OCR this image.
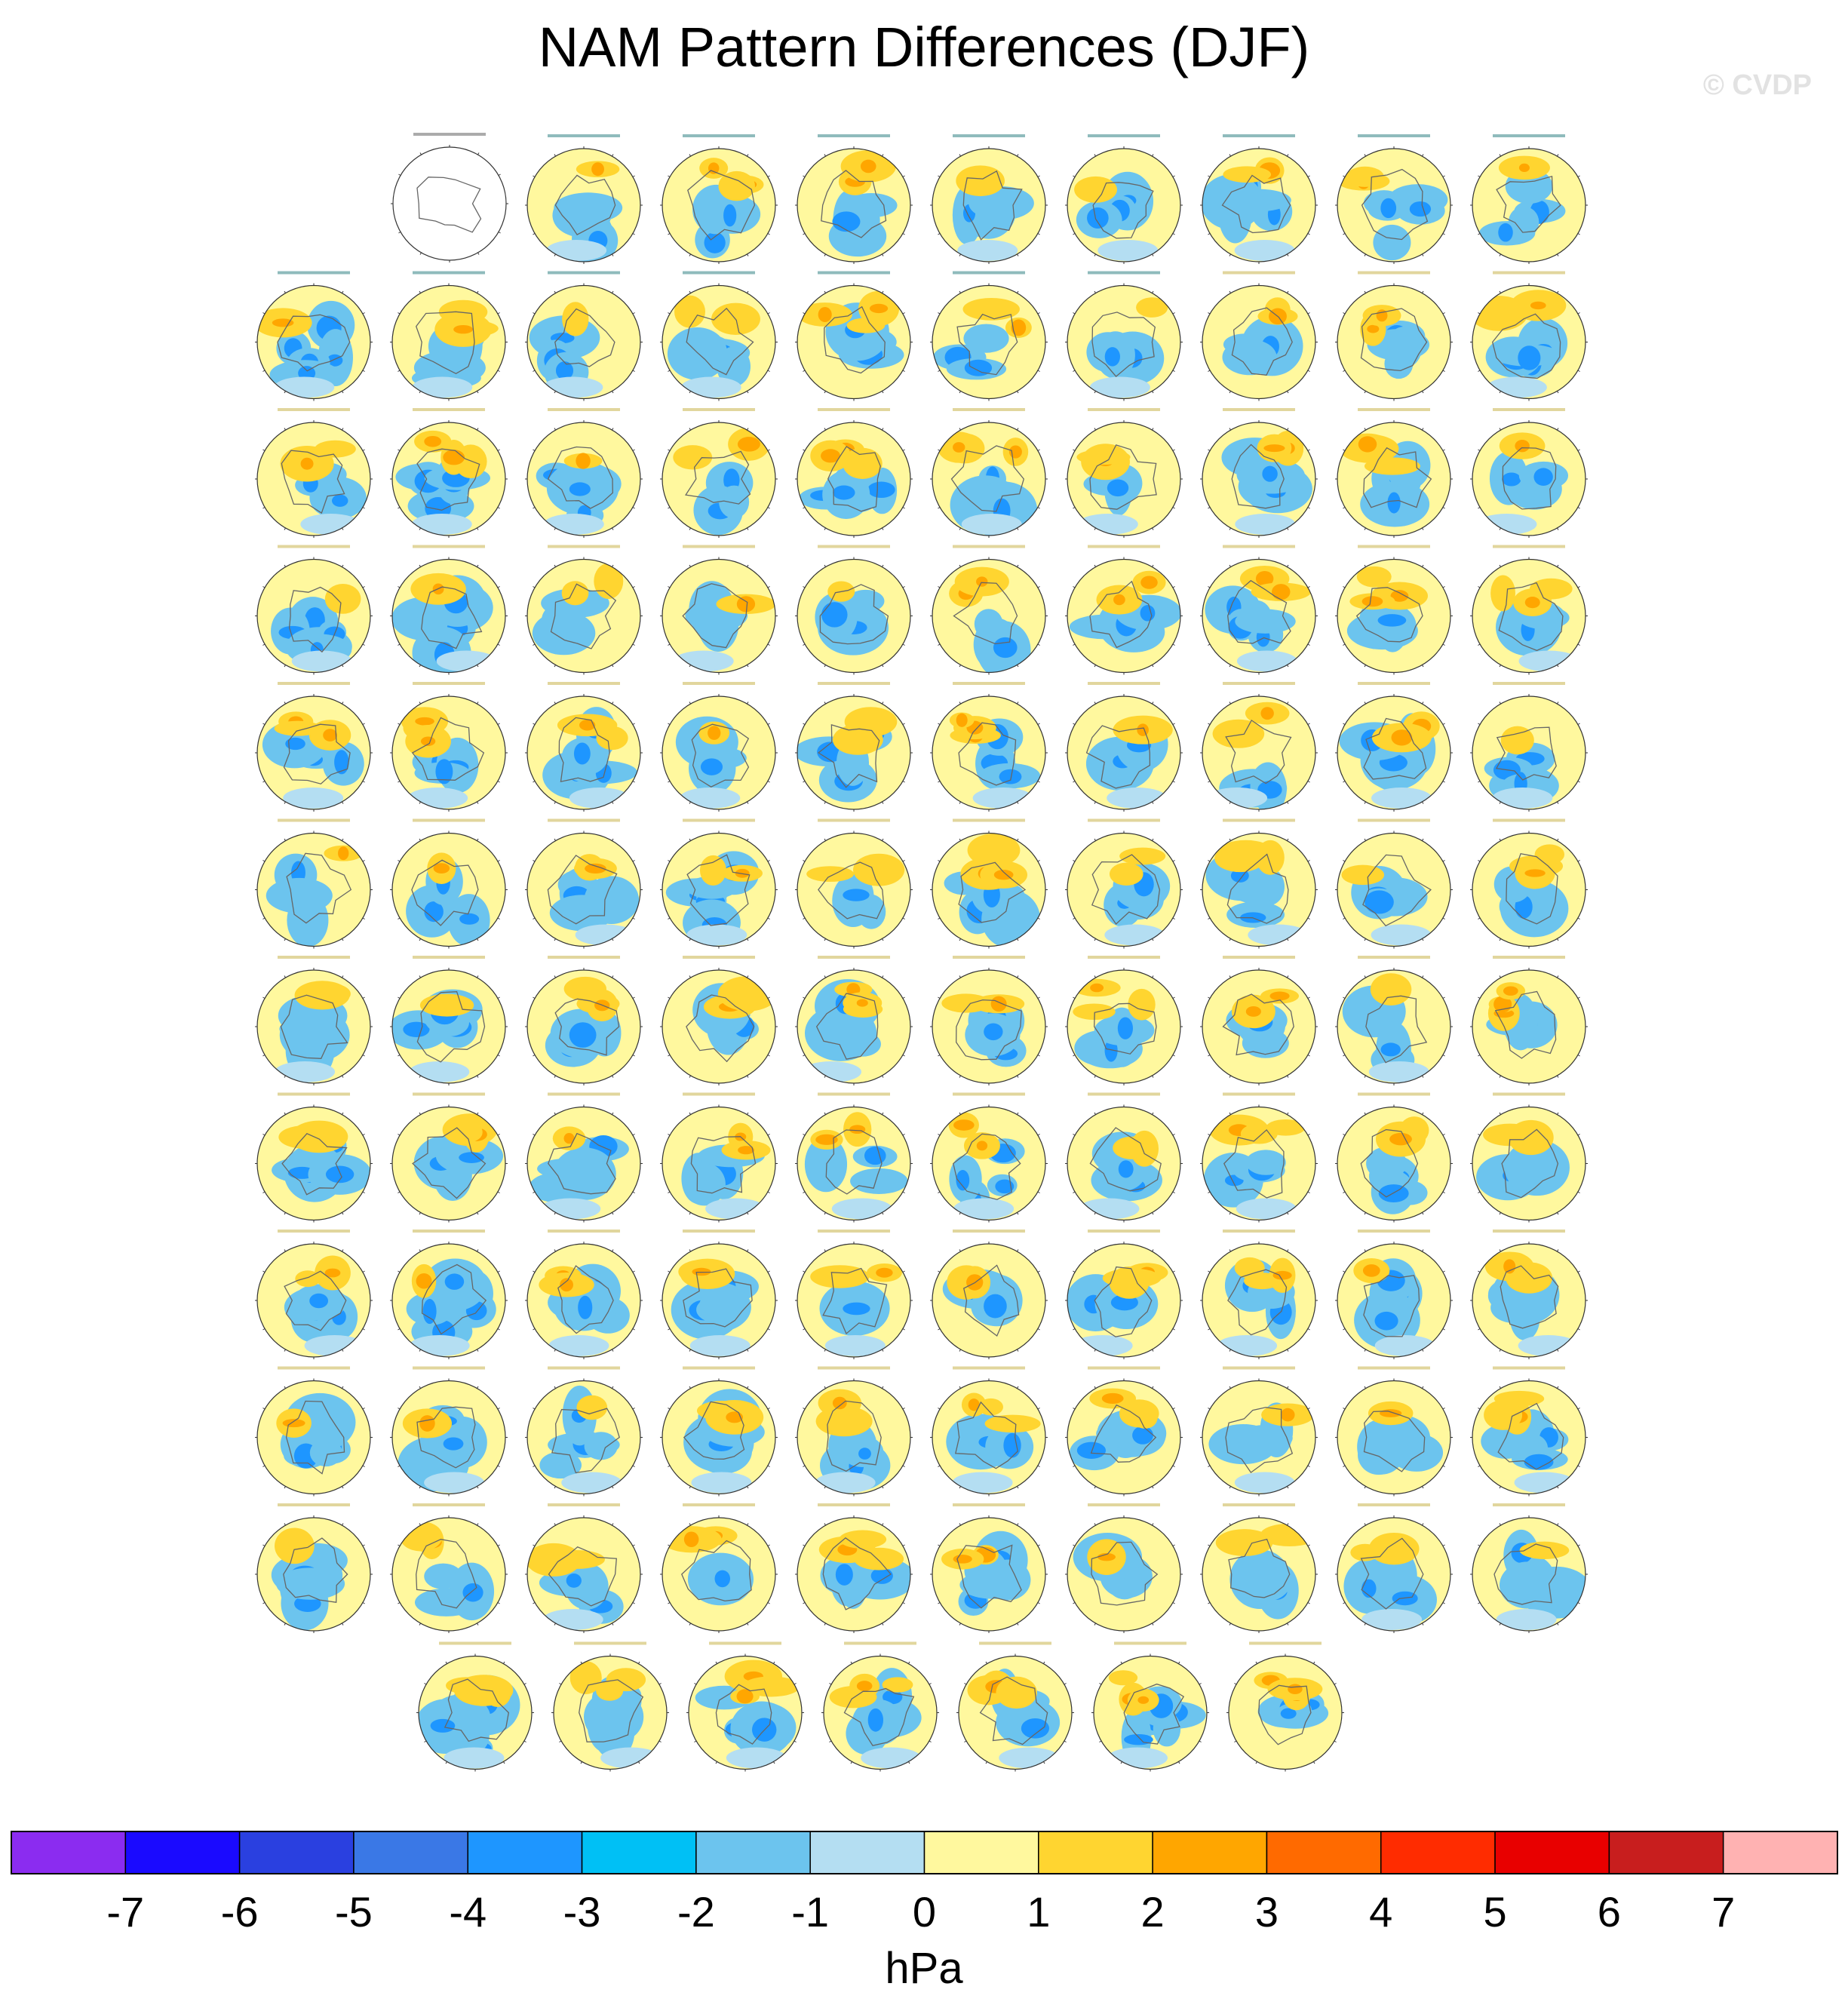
NAM Pattern Differences (DJF)
© CVDP
-7 -6 -5 -4 -3 -2 -1 0 1 2 3 4 5 6 7
hPa
